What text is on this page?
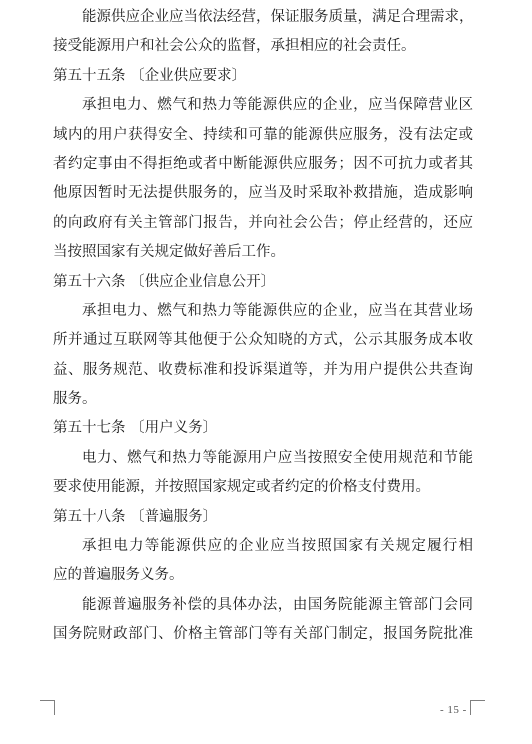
能源供应企业应当依法经营，保证服务质量，满足合理需求，
接受能源用户和社会公众的监督，承担相应的社会责任。
第五十五条 〔企业供应要求〕
承担电力、燃气和热力等能源供应的企业，应当保障营业区
域内的用户获得安全、持续和可靠的能源供应服务，没有法定或
者约定事由不得拒绝或者中断能源供应服务；因不可抗力或者其
他原因暂时无法提供服务的，应当及时采取补救措施，造成影响
的向政府有关主管部门报告，并向社会公告；停止经营的，还应
当按照国家有关规定做好善后工作。
第五十六条 〔供应企业信息公开〕
承担电力、燃气和热力等能源供应的企业，应当在其营业场
所并通过互联网等其他便于公众知晓的方式，公示其服务成本收
益、服务规范、收费标准和投诉渠道等，并为用户提供公共查询
服务。
第五十七条 〔用户义务〕
电力、燃气和热力等能源用户应当按照安全使用规范和节能
要求使用能源，并按照国家规定或者约定的价格支付费用。
第五十八条 〔普遍服务〕
承担电力等能源供应的企业应当按照国家有关规定履行相
应的普遍服务义务。
能源普遍服务补偿的具体办法，由国务院能源主管部门会同
国务院财政部门、价格主管部门等有关部门制定，报国务院批准
- 15 -
